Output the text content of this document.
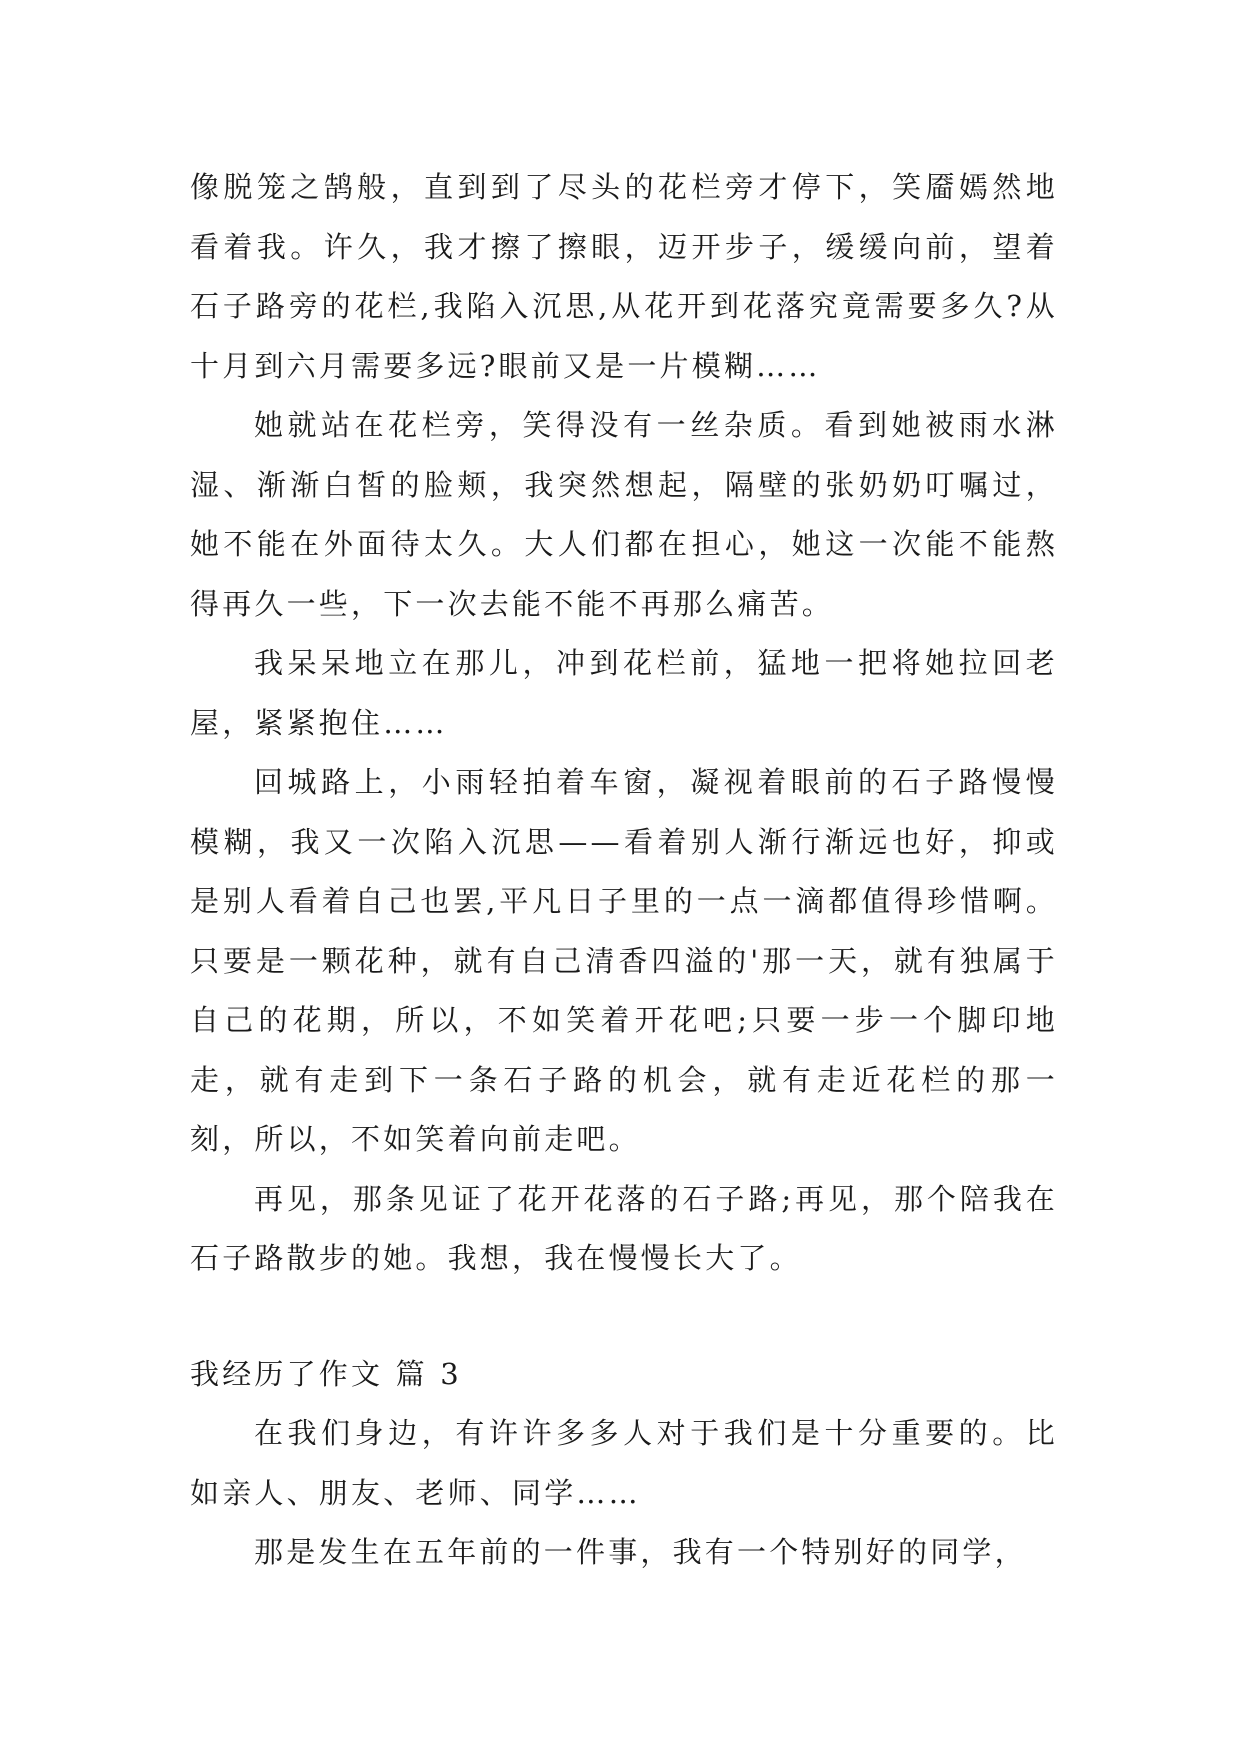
像脱笼之鹄般，直到到了尽头的花栏旁才停下，笑靥嫣然地看着我。许久，我才擦了擦眼，迈开步子，缓缓向前，望着石子路旁的花栏,我陷入沉思,从花开到花落究竟需要多久?从十月到六月需要多远?眼前又是一片模糊……

她就站在花栏旁，笑得没有一丝杂质。看到她被雨水淋湿、渐渐白皙的脸颊，我突然想起，隔壁的张奶奶叮嘱过，她不能在外面待太久。大人们都在担心，她这一次能不能熬得再久一些，下一次去能不能不再那么痛苦。

我呆呆地立在那儿，冲到花栏前，猛地一把将她拉回老屋，紧紧抱住……

回城路上，小雨轻拍着车窗，凝视着眼前的石子路慢慢模糊，我又一次陷入沉思——看着别人渐行渐远也好，抑或是别人看着自己也罢,平凡日子里的一点一滴都值得珍惜啊。只要是一颗花种，就有自己清香四溢的'那一天，就有独属于自己的花期，所以，不如笑着开花吧;只要一步一个脚印地走，就有走到下一条石子路的机会，就有走近花栏的那一刻，所以，不如笑着向前走吧。

再见，那条见证了花开花落的石子路;再见，那个陪我在石子路散步的她。我想，我在慢慢长大了。

我经历了作文 篇 3

在我们身边，有许许多多人对于我们是十分重要的。比如亲人、朋友、老师、同学……

那是发生在五年前的一件事，我有一个特别好的同学，
